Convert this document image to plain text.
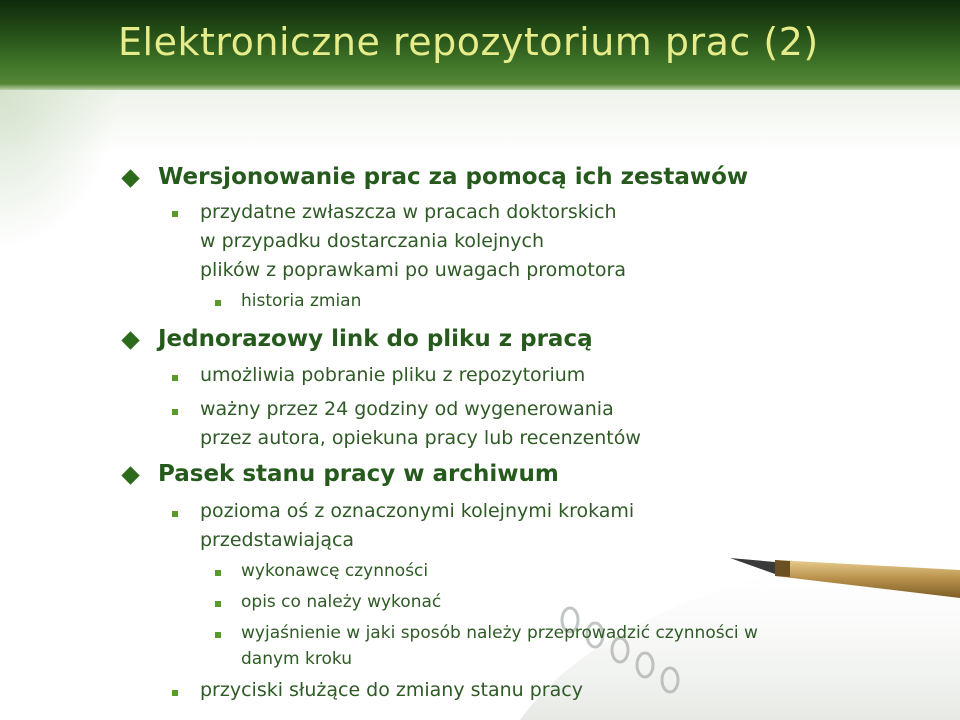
Elektroniczne repozytorium prac (2)
Wersjonowanie prac za pomocą ich zestawów
przydatne zwłaszcza w pracach doktorskich
w przypadku dostarczania kolejnych
plików z poprawkami po uwagach promotora
historia zmian
Jednorazowy link do pliku z pracą
umożliwia pobranie pliku z repozytorium
ważny przez 24 godziny od wygenerowania
przez autora, opiekuna pracy lub recenzentów
Pasek stanu pracy w archiwum
pozioma oś z oznaczonymi kolejnymi krokami
przedstawiająca
wykonawcę czynności
opis co należy wykonać
wyjaśnienie w jaki sposób należy przeprowadzić czynności w
danym kroku
przyciski służące do zmiany stanu pracy
